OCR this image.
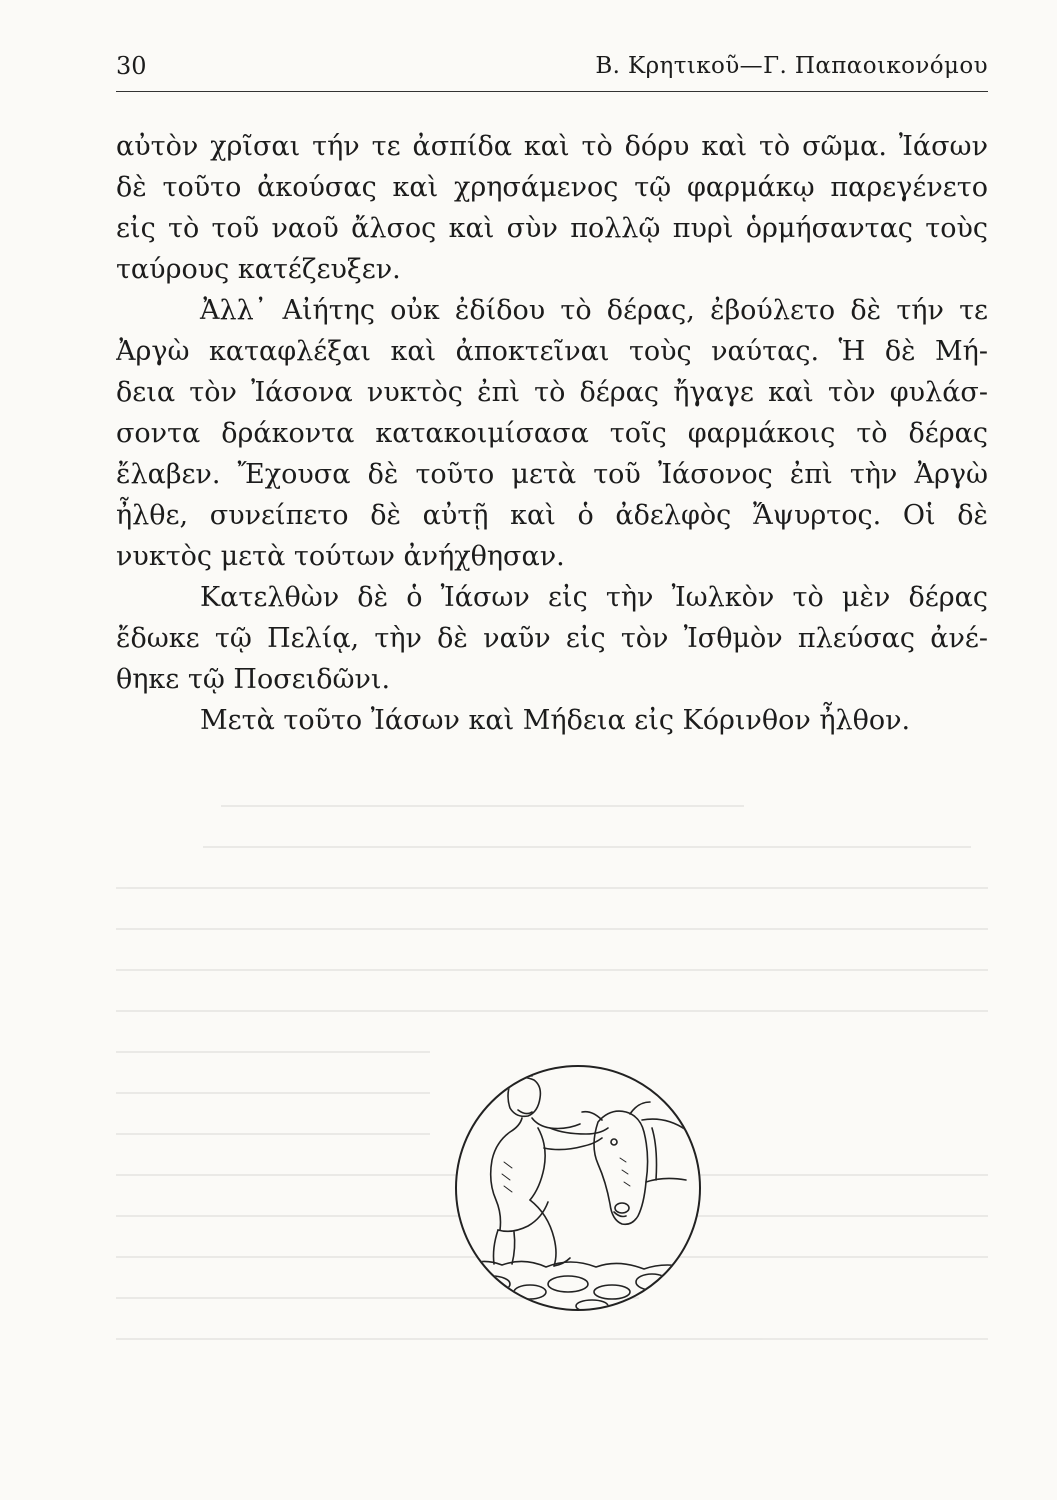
30	Β. Κρητικοῦ—Γ. Παπαοικονόμου
αὐτὸν χρῖσαι τήν τε ἀσπίδα καὶ τὸ δόρυ καὶ τὸ σῶμα. Ἰάσων
δὲ τοῦτο ἀκούσας καὶ χρησάμενος τῷ φαρμάκῳ παρεγένετο
εἰς τὸ τοῦ ναοῦ ἄλσος καὶ σὺν πολλῷ πυρὶ ὁρμήσαντας τοὺς
ταύρους κατέζευξεν.
Ἀλλ᾽ Αἰήτης οὐκ ἐδίδου τὸ δέρας, ἐβούλετο δὲ τήν τε
Ἀργὼ καταφλέξαι καὶ ἀποκτεῖναι τοὺς ναύτας. Ἡ δὲ Μή-
δεια τὸν Ἰάσονα νυκτὸς ἐπὶ τὸ δέρας ἤγαγε καὶ τὸν φυλάσ-
σοντα δράκοντα κατακοιμίσασα τοῖς φαρμάκοις τὸ δέρας
ἔλαβεν. Ἔχουσα δὲ τοῦτο μετὰ τοῦ Ἰάσονος ἐπὶ τὴν Ἀργὼ
ἦλθε, συνείπετο δὲ αὐτῇ καὶ ὁ ἀδελφὸς Ἄψυρτος. Οἱ δὲ
νυκτὸς μετὰ τούτων ἀνήχθησαν.
Κατελθὼν δὲ ὁ Ἰάσων εἰς τὴν Ἰωλκὸν τὸ μὲν δέρας
ἔδωκε τῷ Πελίᾳ, τὴν δὲ ναῦν εἰς τὸν Ἰσθμὸν πλεύσας ἀνέ-
θηκε τῷ Ποσειδῶνι.
Μετὰ τοῦτο Ἰάσων καὶ Μήδεια εἰς Κόρινθον ἦλθον.
